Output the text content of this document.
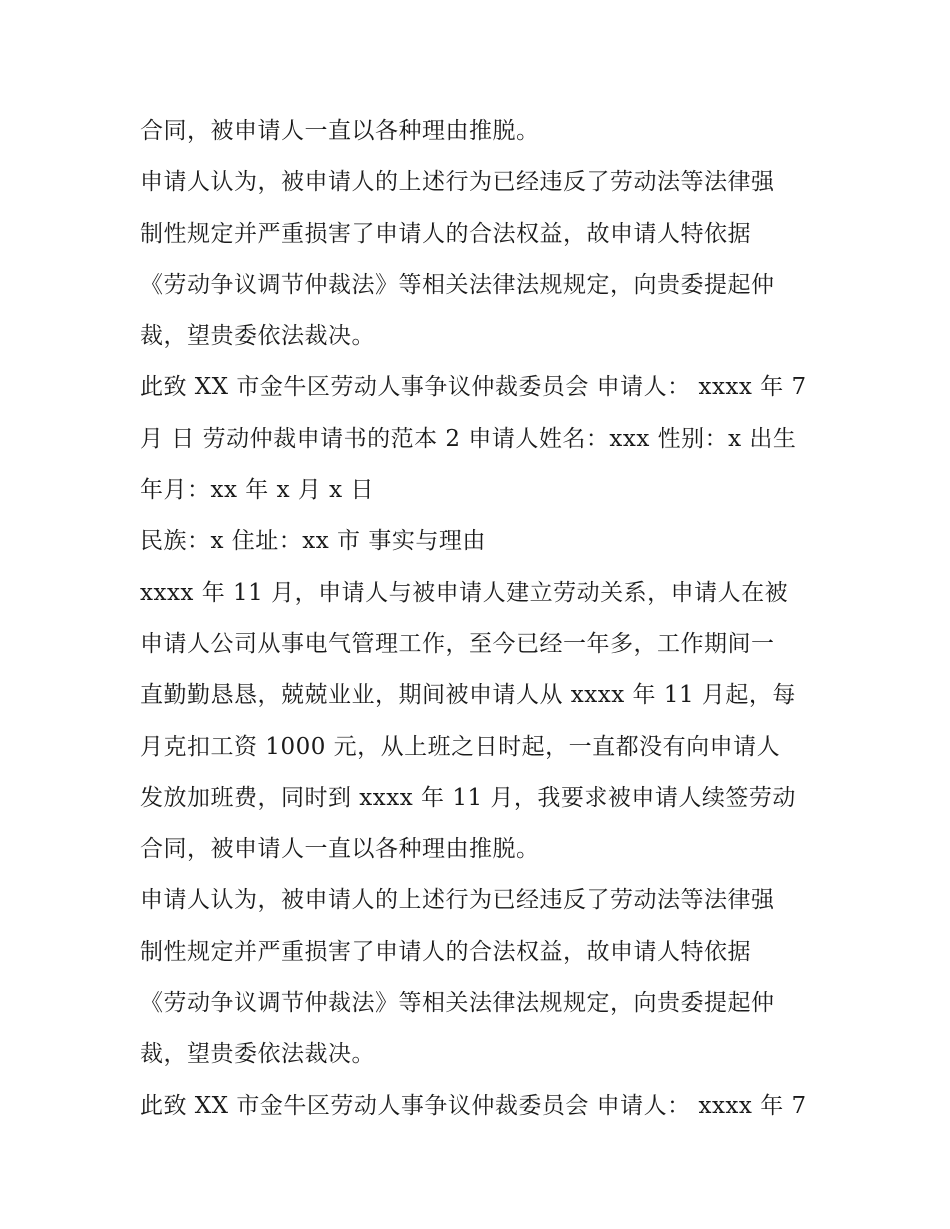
合同，被申请人一直以各种理由推脱。
申请人认为，被申请人的上述行为已经违反了劳动法等法律强
制性规定并严重损害了申请人的合法权益，故申请人特依据
《劳动争议调节仲裁法》等相关法律法规规定，向贵委提起仲
裁，望贵委依法裁决。
此致 XX 市金牛区劳动人事争议仲裁委员会 申请人： xxxx 年 7
月 日 劳动仲裁申请书的范本 2 申请人姓名：xxx 性别：x 出生
年月：xx 年 x 月 x 日
民族：x 住址：xx 市 事实与理由
xxxx 年 11 月，申请人与被申请人建立劳动关系，申请人在被
申请人公司从事电气管理工作，至今已经一年多，工作期间一
直勤勤恳恳，兢兢业业，期间被申请人从 xxxx 年 11 月起，每
月克扣工资 1000 元，从上班之日时起，一直都没有向申请人
发放加班费，同时到 xxxx 年 11 月，我要求被申请人续签劳动
合同，被申请人一直以各种理由推脱。
申请人认为，被申请人的上述行为已经违反了劳动法等法律强
制性规定并严重损害了申请人的合法权益，故申请人特依据
《劳动争议调节仲裁法》等相关法律法规规定，向贵委提起仲
裁，望贵委依法裁决。
此致 XX 市金牛区劳动人事争议仲裁委员会 申请人： xxxx 年 7
